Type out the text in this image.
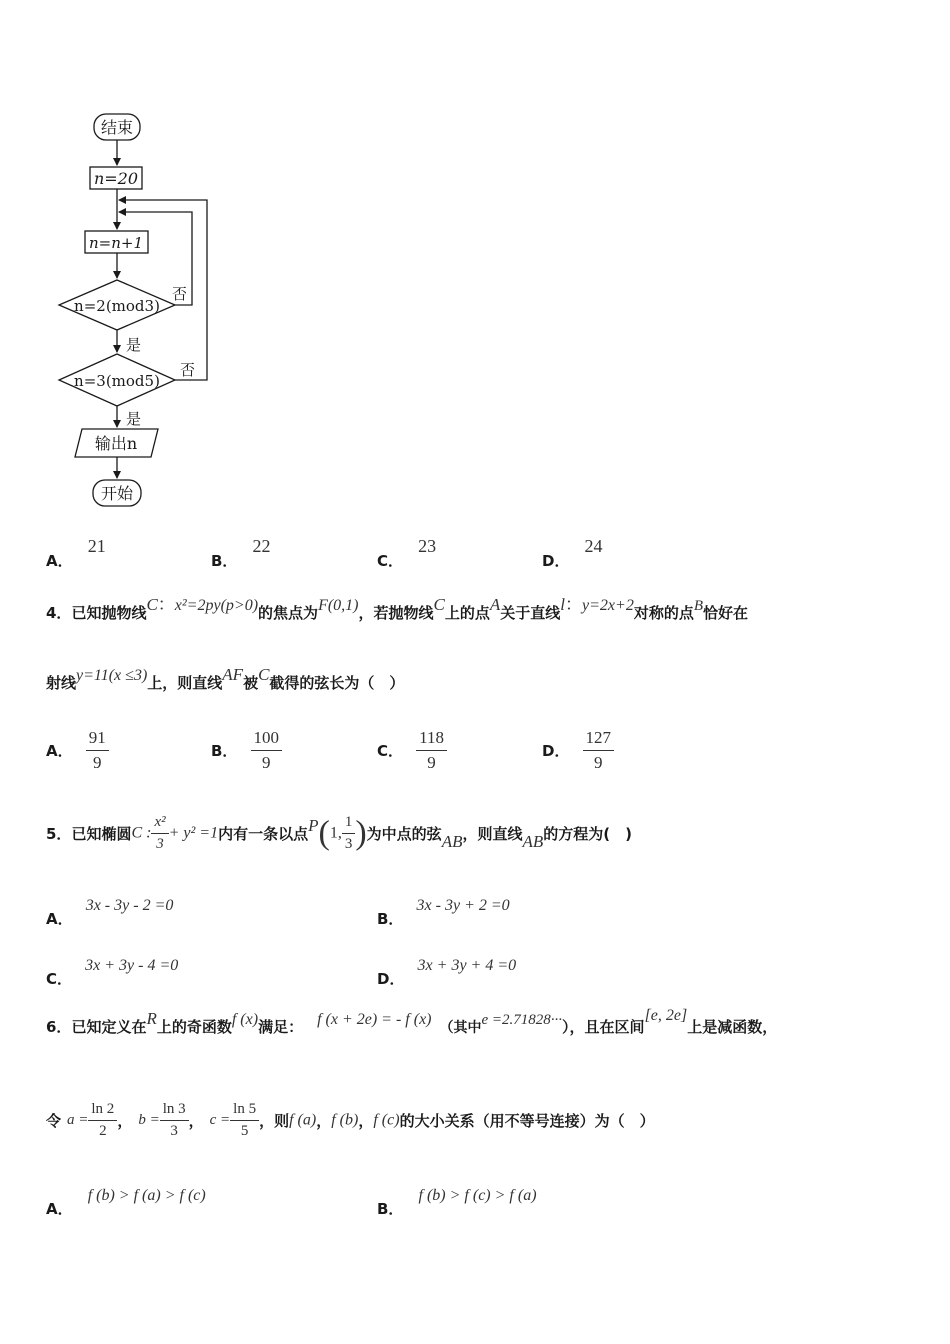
结束
n=20
n=n+1
n=2(mod3)
n=3(mod5)
否
否
是
是
输出n
开始
A． 21
B． 22
C． 23
D． 24
4．已知抛物线C：x²=2py(p>0)的焦点为F(0,1)，若抛物线C上的点A关于直线l：y=2x+2对称的点B恰好在
射线y=11(x ≤3)上，则直线AF被C截得的弦长为（　）
A． $\frac{91}{9}$	B． $\frac{100}{9}$	C． $\frac{118}{9}$	D． $\frac{127}{9}$
5．已知椭圆C : $\frac{\text{x²}}{3} + y^2 =1$内有一条以点P(1, $\frac{1}{3}$ )为中点的弦AB，则直线AB的方程为(　)
A． 3x - 3y - 2 =0
B． 3x - 3y + 2 =0
C． 3x + 3y - 4 =0
D． 3x + 3y + 4 =0
6．已知定义在R上的奇函数f (x)满足： f (x + 2e) = - f (x) （其中e =2.71828···），且在区间[e, 2e]上是减函数，
令 $a = \frac{\ln 2}{2}$ ， $b = \frac{\ln 3}{3}$ ， $c = \frac{\ln 5}{5}$ ，则f (a)，f (b)，f (c)的大小关系（用不等号连接）为（　）
A． f (b) > f (a) > f (c)
B． f (b) > f (c) > f (a)
